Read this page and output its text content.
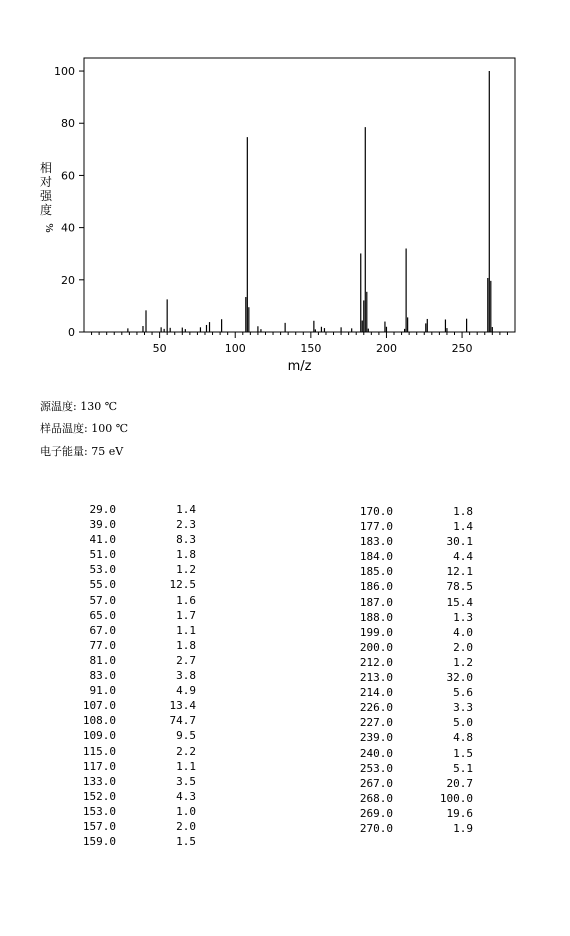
0
20
40
60
80
100
50	100	150	200	250
m/z
相对强度
%
源温度: 130 ℃
样品温度: 100 ℃
电子能量: 75 eV
29.0	1.4
39.0	2.3
41.0	8.3
51.0	1.8
53.0	1.2
55.0	12.5
57.0	1.6
65.0	1.7
67.0	1.1
77.0	1.8
81.0	2.7
83.0	3.8
91.0	4.9
107.0	13.4
108.0	74.7
109.0	9.5
115.0	2.2
117.0	1.1
133.0	3.5
152.0	4.3
153.0	1.0
157.0	2.0
159.0	1.5
170.0	1.8
177.0	1.4
183.0	30.1
184.0	4.4
185.0	12.1
186.0	78.5
187.0	15.4
188.0	1.3
199.0	4.0
200.0	2.0
212.0	1.2
213.0	32.0
214.0	5.6
226.0	3.3
227.0	5.0
239.0	4.8
240.0	1.5
253.0	5.1
267.0	20.7
268.0	100.0
269.0	19.6
270.0	1.9
